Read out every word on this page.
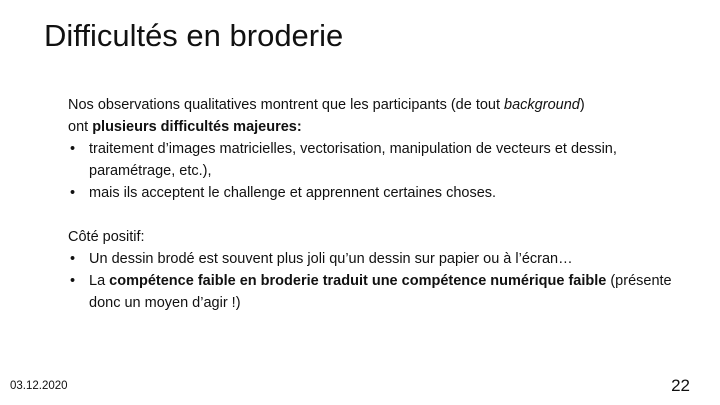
Difficultés en broderie

Nos observations qualitatives montrent que les participants (de tout background)
ont plusieurs difficultés majeures:

• traitement d’images matricielles, vectorisation, manipulation de vecteurs et dessin, paramétrage, etc.),

• mais ils acceptent le challenge et apprennent certaines choses.

Côté positif:

• Un dessin brodé est souvent plus joli qu’un dessin sur papier ou à l’écran…

• La compétence faible en broderie traduit une compétence numérique faible (présente donc un moyen d’agir !)

03.12.2020	22
